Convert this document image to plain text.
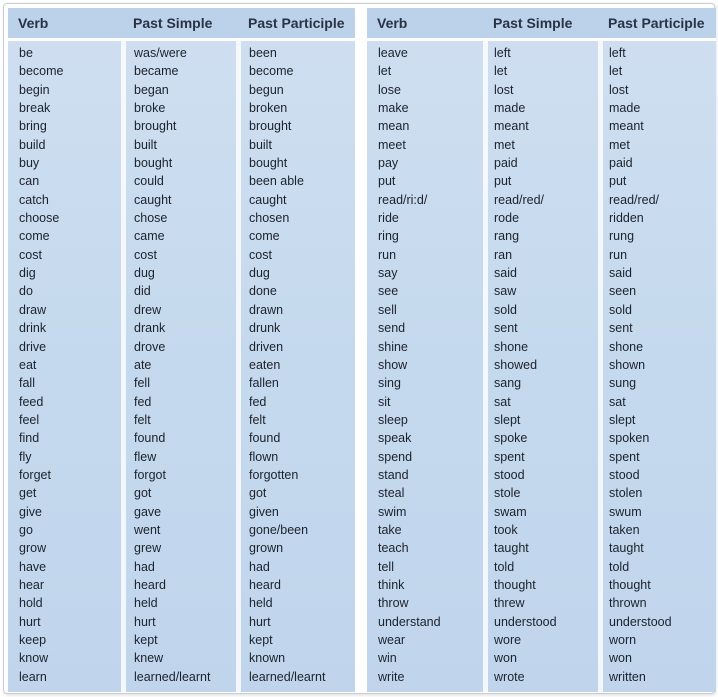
Verb	Past Simple	Past Participle
be	was/were	been
become	became	become
begin	began	begun
break	broke	broken
bring	brought	brought
build	built	built
buy	bought	bought
can	could	been able
catch	caught	caught
choose	chose	chosen
come	came	come
cost	cost	cost
dig	dug	dug
do	did	done
draw	drew	drawn
drink	drank	drunk
drive	drove	driven
eat	ate	eaten
fall	fell	fallen
feed	fed	fed
feel	felt	felt
find	found	found
fly	flew	flown
forget	forgot	forgotten
get	got	got
give	gave	given
go	went	gone/been
grow	grew	grown
have	had	had
hear	heard	heard
hold	held	held
hurt	hurt	hurt
keep	kept	kept
know	knew	known
learn	learned/learnt	learned/learnt
Verb	Past Simple	Past Participle
leave	left	left
let	let	let
lose	lost	lost
make	made	made
mean	meant	meant
meet	met	met
pay	paid	paid
put	put	put
read/ri:d/	read/red/	read/red/
ride	rode	ridden
ring	rang	rung
run	ran	run
say	said	said
see	saw	seen
sell	sold	sold
send	sent	sent
shine	shone	shone
show	showed	shown
sing	sang	sung
sit	sat	sat
sleep	slept	slept
speak	spoke	spoken
spend	spent	spent
stand	stood	stood
steal	stole	stolen
swim	swam	swum
take	took	taken
teach	taught	taught
tell	told	told
think	thought	thought
throw	threw	thrown
understand	understood	understood
wear	wore	worn
win	won	won
write	wrote	written
